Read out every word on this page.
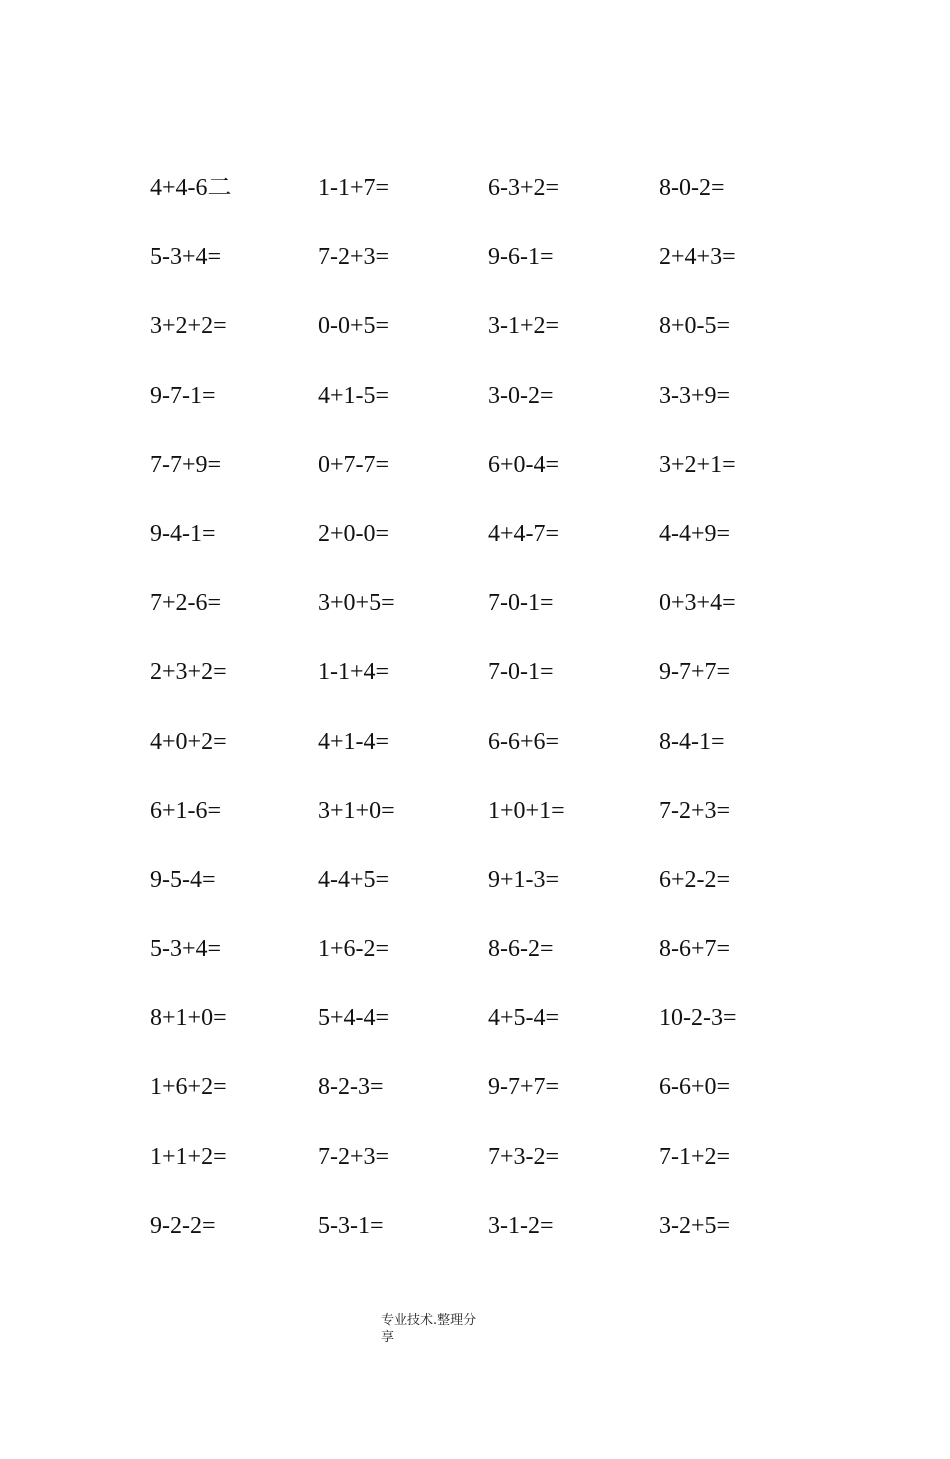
4+4-6二	1-1+7=	6-3+2=	8-0-2=
5-3+4=	7-2+3=	9-6-1=	2+4+3=
3+2+2=	0-0+5=	3-1+2=	8+0-5=
9-7-1=	4+1-5=	3-0-2=	3-3+9=
7-7+9=	0+7-7=	6+0-4=	3+2+1=
9-4-1=	2+0-0=	4+4-7=	4-4+9=
7+2-6=	3+0+5=	7-0-1=	0+3+4=
2+3+2=	1-1+4=	7-0-1=	9-7+7=
4+0+2=	4+1-4=	6-6+6=	8-4-1=
6+1-6=	3+1+0=	1+0+1=	7-2+3=
9-5-4=	4-4+5=	9+1-3=	6+2-2=
5-3+4=	1+6-2=	8-6-2=	8-6+7=
8+1+0=	5+4-4=	4+5-4=	10-2-3=
1+6+2=	8-2-3=	9-7+7=	6-6+0=
1+1+2=	7-2+3=	7+3-2=	7-1+2=
9-2-2=	5-3-1=	3-1-2=	3-2+5=
专业技术.整理分享
